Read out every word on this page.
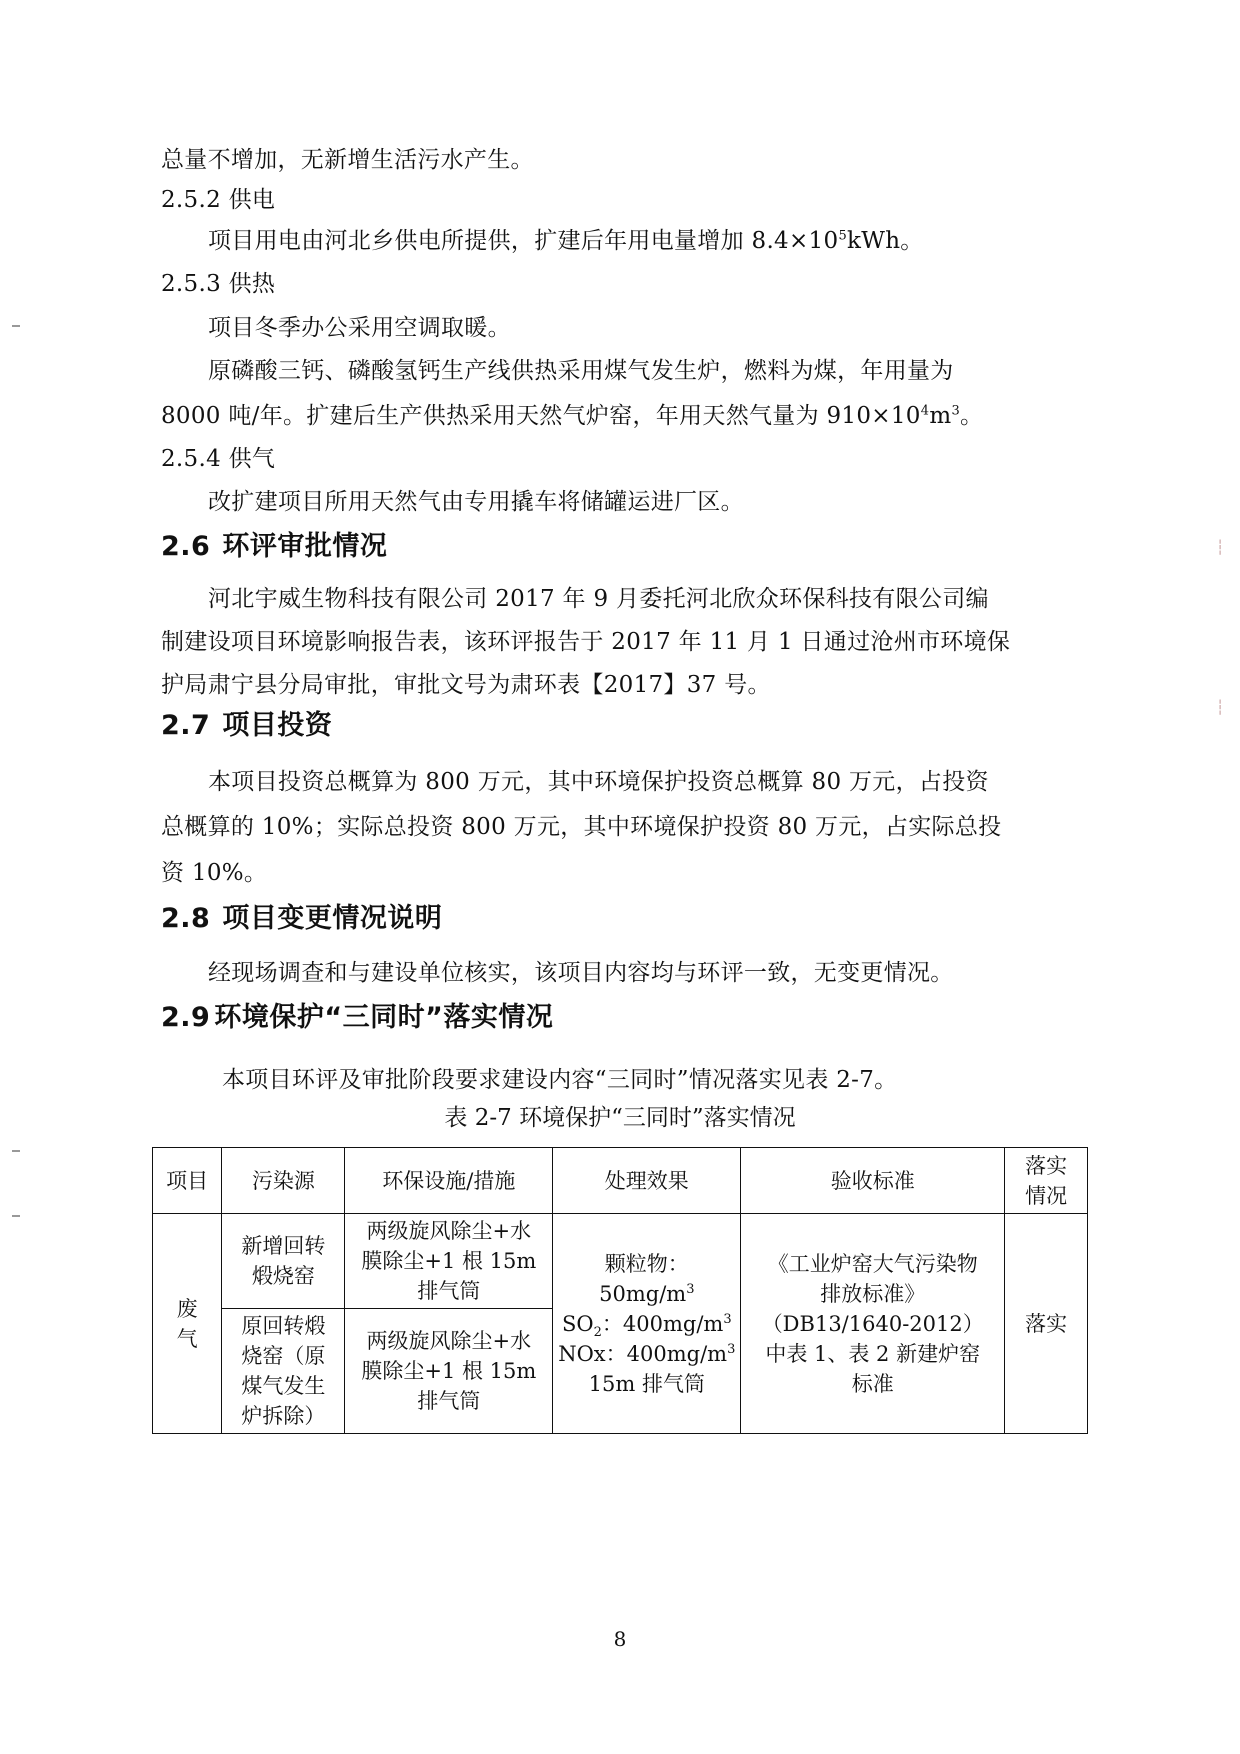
┆
┆
总量不增加，无新增生活污水产生。
2.5.2 供电
项目用电由河北乡供电所提供，扩建后年用电量增加 $8.4\times 10^5kWh$。
2.5.3 供热
项目冬季办公采用空调取暖。
原磷酸三钙、磷酸氢钙生产线供热采用煤气发生炉，燃料为煤，年用量为
8000 吨/年。扩建后生产供热采用天然气炉窑，年用天然气量为 $910\times 10^4m^3$。
2.5.4 供气
改扩建项目所用天然气由专用撬车将储罐运进厂区。
2.6 环评审批情况
河北宇威生物科技有限公司 2017 年 9 月委托河北欣众环保科技有限公司编
制建设项目环境影响报告表，该环评报告于 2017 年 11 月 1 日通过沧州市环境保
护局肃宁县分局审批，审批文号为肃环表【2017】37 号。
2.7 项目投资
本项目投资总概算为 800 万元，其中环境保护投资总概算 80 万元，占投资
总概算的 10%；实际总投资 800 万元，其中环境保护投资 80 万元，占实际总投
资 10%。
2.8 项目变更情况说明
经现场调查和与建设单位核实，该项目内容均与环评一致，无变更情况。
2.9 环境保护“三同时”落实情况
本项目环评及审批阶段要求建设内容“三同时”情况落实见表 2-7。
表 2-7 环境保护“三同时”落实情况
项目	污染源	环保设施/措施	处理效果	验收标准	落实情况
废气	新增回转煅烧窑	两级旋风除尘+水膜除尘+1 根 15m 排气筒	颗粒物：$50mg/m^3$
$SO_2$：$400mg/m^3$
NOx：$400mg/m^3$
15m 排气筒	《工业炉窑大气污染物排放标准》（DB13/1640-2012）中表 1、表 2 新建炉窑标准	落实
	原回转煅烧窑（原煤气发生炉拆除）	两级旋风除尘+水膜除尘+1 根 15m 排气筒			
8
